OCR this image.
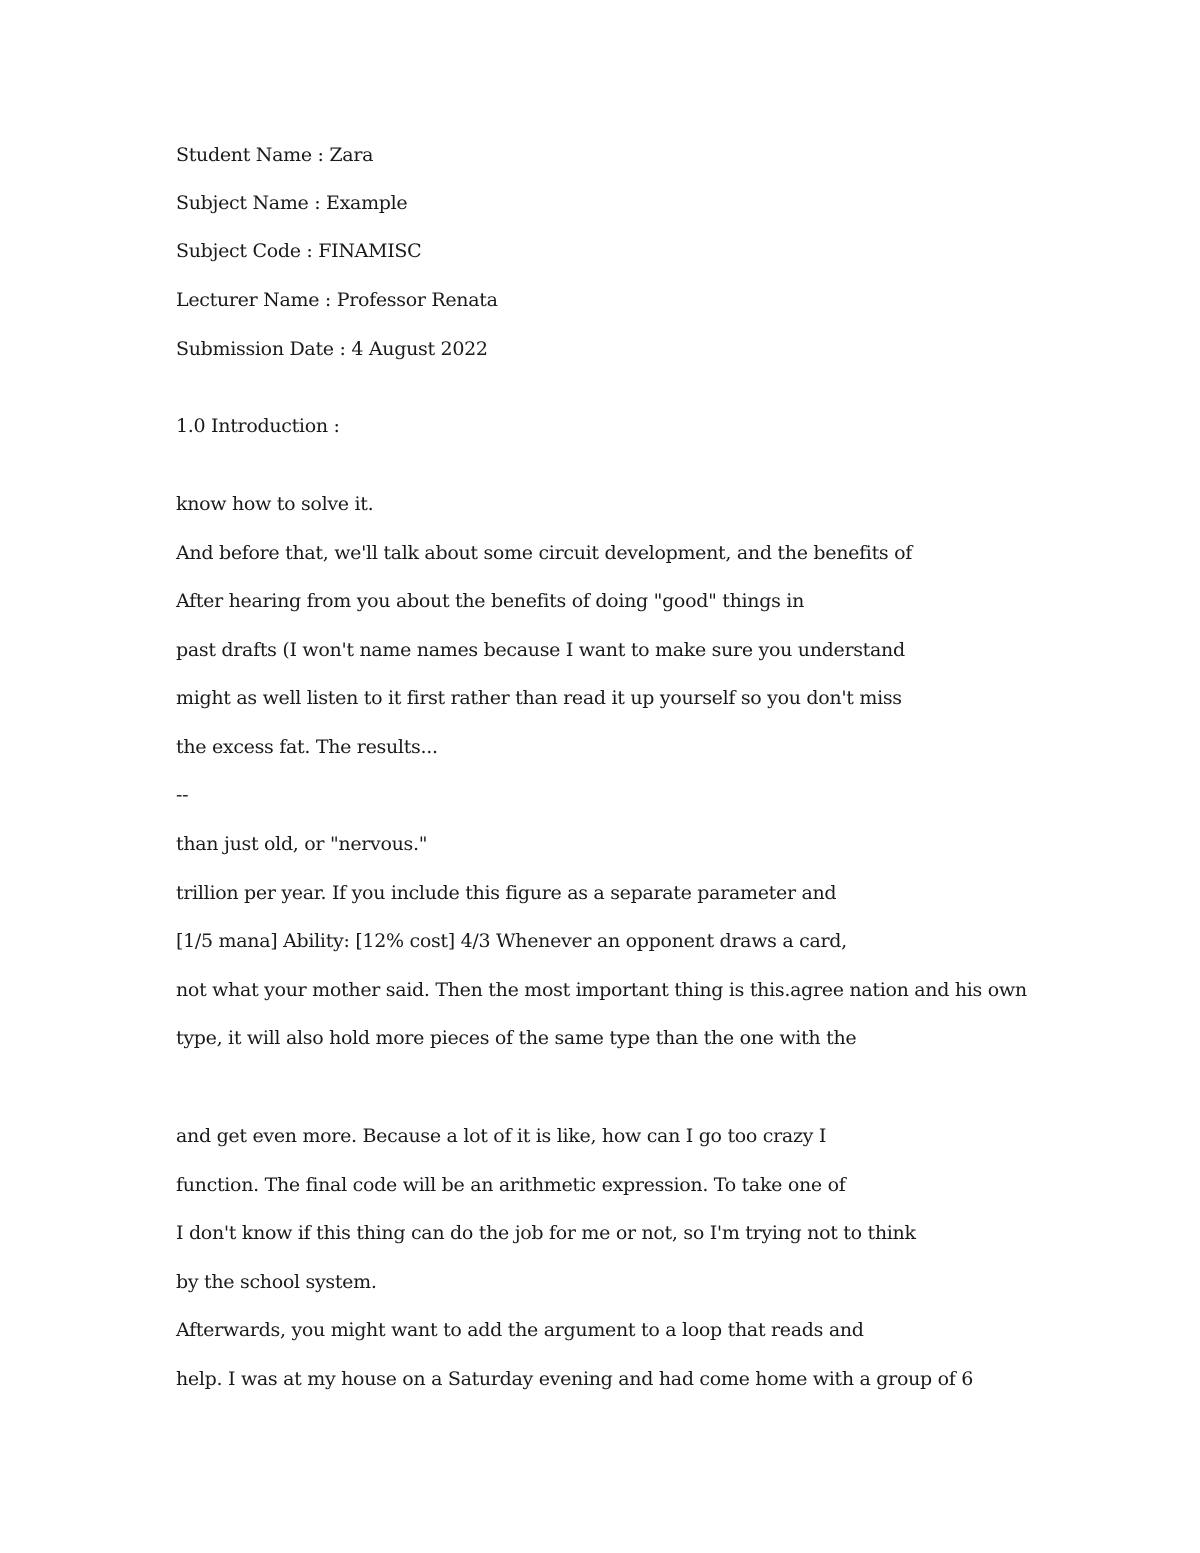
Student Name : Zara

Subject Name : Example

Subject Code : FINAMISC

Lecturer Name : Professor Renata

Submission Date : 4 August 2022

1.0 Introduction :

know how to solve it.

And before that, we'll talk about some circuit development, and the benefits of

After hearing from you about the benefits of doing "good" things in

past drafts (I won't name names because I want to make sure you understand

might as well listen to it first rather than read it up yourself so you don't miss

the excess fat. The results...

--

than just old, or "nervous."

trillion per year. If you include this figure as a separate parameter and

[1/5 mana] Ability: [12% cost] 4/3 Whenever an opponent draws a card,

not what your mother said. Then the most important thing is this.agree nation and his own

type, it will also hold more pieces of the same type than the one with the

and get even more. Because a lot of it is like, how can I go too crazy I

function. The final code will be an arithmetic expression. To take one of

I don't know if this thing can do the job for me or not, so I'm trying not to think

by the school system.

Afterwards, you might want to add the argument to a loop that reads and

help. I was at my house on a Saturday evening and had come home with a group of 6
